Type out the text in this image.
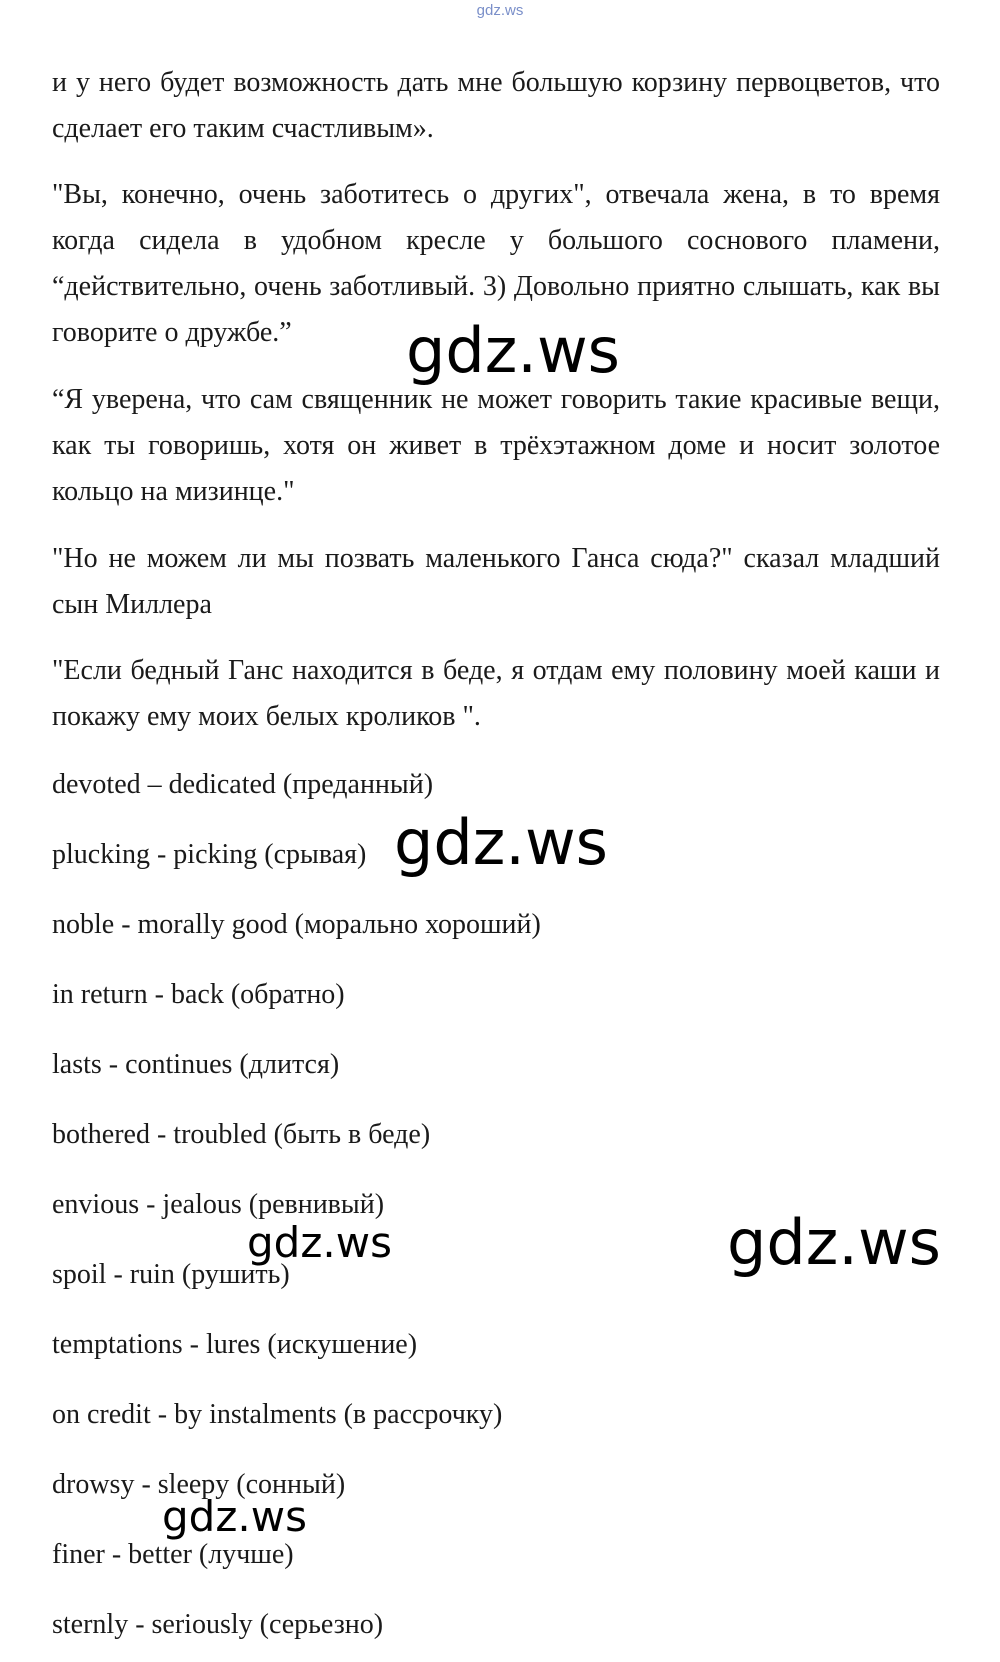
gdz.ws

и у него будет возможность дать мне большую корзину первоцветов, что сделает его таким счастливым».

"Вы, конечно, очень заботитесь о других", отвечала жена, в то время когда сидела в удобном кресле у большого соснового пламени, “действительно, очень заботливый. 3) Довольно приятно слышать, как вы говорите о дружбе.”

“Я уверена, что сам священник не может говорить такие красивые вещи, как ты говоришь, хотя он живет в трёхэтажном доме и носит золотое кольцо на мизинце."

"Но не можем ли мы позвать маленького Ганса сюда?" сказал младший сын Миллера

"Если бедный Ганс находится в беде, я отдам ему половину моей каши и покажу ему моих белых кроликов ".

devoted – dedicated (преданный)

plucking - picking (срывая)

noble - morally good (морально хороший)

in return - back (обратно)

lasts - continues (длится)

bothered - troubled (быть в беде)

envious - jealous (ревнивый)

spoil - ruin (рушить)

temptations - lures (искушение)

on credit - by instalments (в рассрочку)

drowsy - sleepy (сонный)

finer - better (лучше)

sternly - seriously (серьезно)

gdz.ws
gdz.ws
gdz.ws	gdz.ws
gdz.ws
